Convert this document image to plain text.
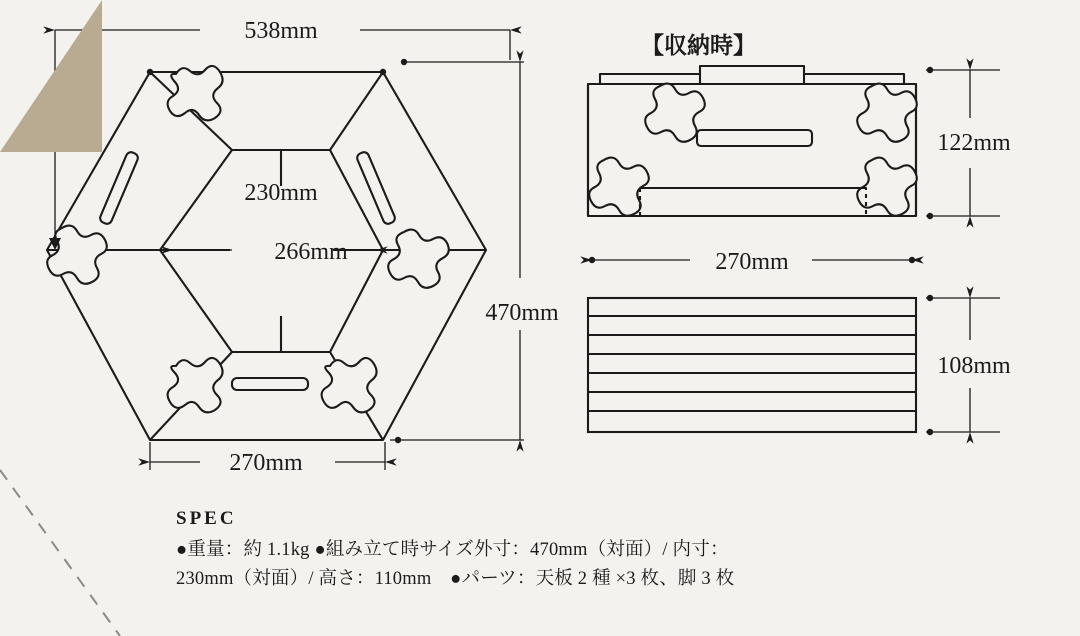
538mm
230mm
266mm
470mm
270mm
【収納時】
122mm
270mm
108mm
SPEC
●重量：約 1.1kg ●組み立て時サイズ外寸：470mm（対面）/ 内寸：
230mm（対面）/ 高さ：110mm　●パーツ：天板 2 種 ×3 枚、脚 3 枚
